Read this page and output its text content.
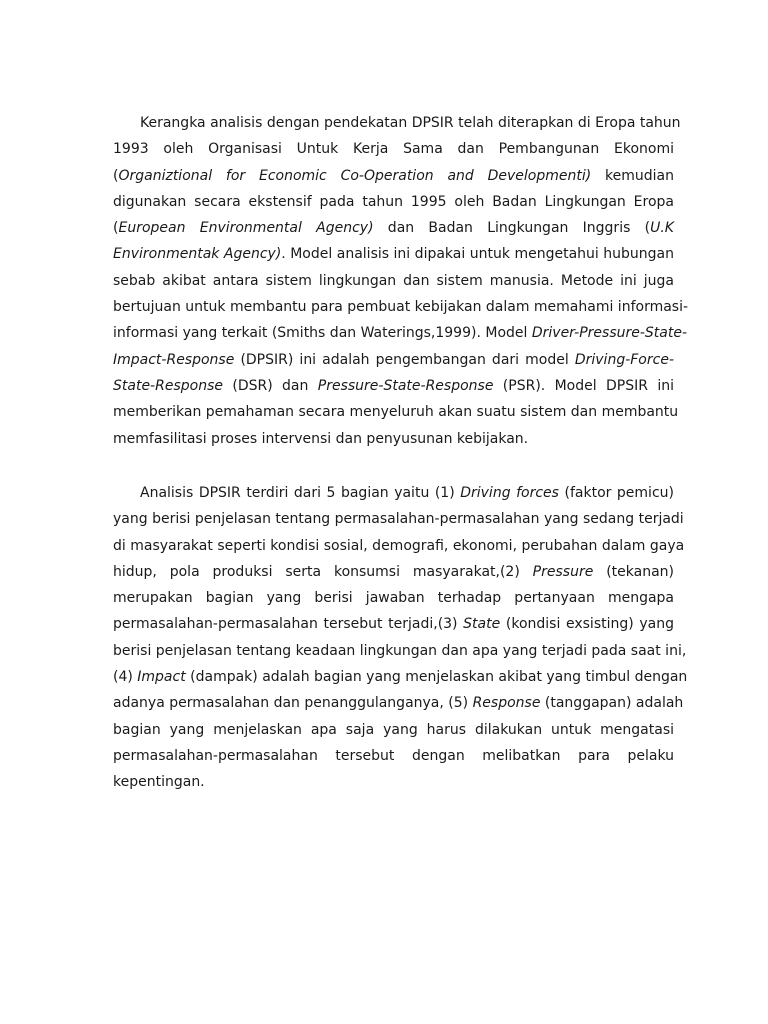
Kerangka analisis dengan pendekatan DPSIR telah diterapkan di Eropa tahun
1993 oleh Organisasi Untuk Kerja Sama dan Pembangunan Ekonomi
(Organiztional for Economic Co-Operation and Developmenti) kemudian
digunakan secara ekstensif pada tahun 1995 oleh Badan Lingkungan Eropa
(European Environmental Agency) dan Badan Lingkungan Inggris (U.K
Environmentak Agency). Model analisis ini dipakai untuk mengetahui hubungan
sebab akibat antara sistem lingkungan dan sistem manusia. Metode ini juga
bertujuan untuk membantu para pembuat kebijakan dalam memahami informasi-
informasi yang terkait (Smiths dan Waterings,1999). Model Driver-Pressure-State-
Impact-Response (DPSIR) ini adalah pengembangan dari model Driving-Force-
State-Response (DSR) dan Pressure-State-Response (PSR). Model DPSIR ini
memberikan pemahaman secara menyeluruh akan suatu sistem dan membantu
memfasilitasi proses intervensi dan penyusunan kebijakan.
Analisis DPSIR terdiri dari 5 bagian yaitu (1) Driving forces (faktor pemicu)
yang berisi penjelasan tentang permasalahan-permasalahan yang sedang terjadi
di masyarakat seperti kondisi sosial, demografi, ekonomi, perubahan dalam gaya
hidup, pola produksi serta konsumsi masyarakat,(2) Pressure (tekanan)
merupakan bagian yang berisi jawaban terhadap pertanyaan mengapa
permasalahan-permasalahan tersebut terjadi,(3) State (kondisi exsisting) yang
berisi penjelasan tentang keadaan lingkungan dan apa yang terjadi pada saat ini,
(4) Impact (dampak) adalah bagian yang menjelaskan akibat yang timbul dengan
adanya permasalahan dan penanggulanganya, (5) Response (tanggapan) adalah
bagian yang menjelaskan apa saja yang harus dilakukan untuk mengatasi
permasalahan-permasalahan tersebut dengan melibatkan para pelaku
kepentingan.
